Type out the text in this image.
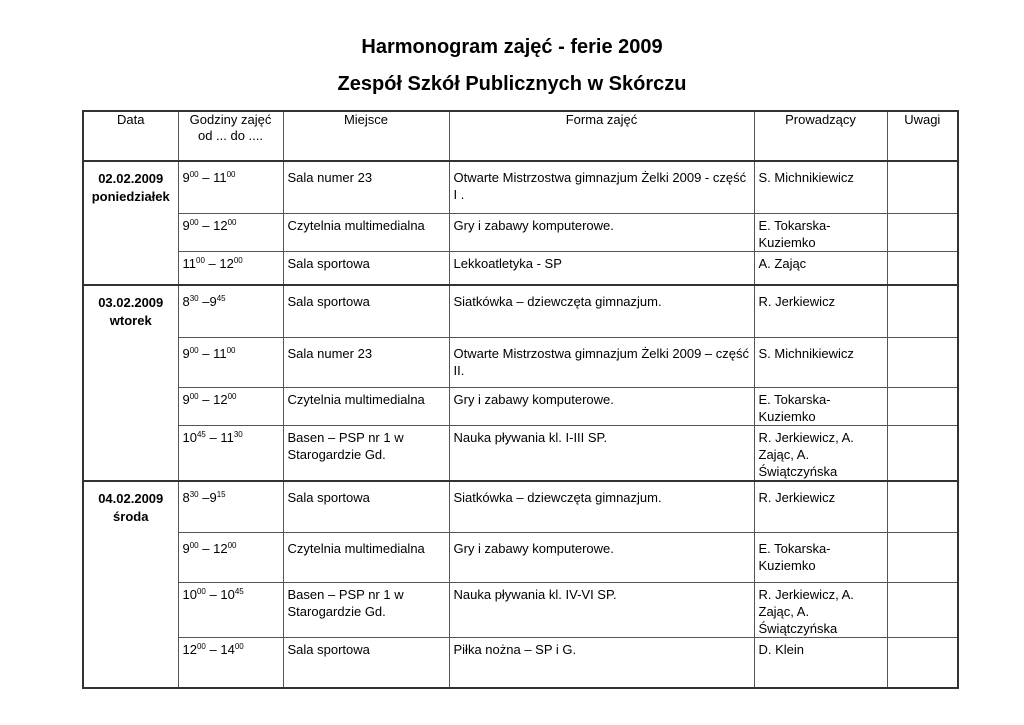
Harmonogram zajęć - ferie 2009
Zespół Szkół Publicznych w Skórczu
Data	Godziny zajęć
od ... do ....	Miejsce	Forma zajęć	Prowadzący	Uwagi

02.02.2009
poniedziałek	$9^{00} - 11^{00}$	Sala numer 23	Otwarte Mistrzostwa gimnazjum Żelki 2009 - część I .	S. Michnikiewicz	

	$9^{00} - 12^{00}$	Czytelnia multimedialna	Gry i zabawy komputerowe.	E. Tokarska-Kuziemko	

	$11^{00} - 12^{00}$	Sala sportowa	Lekkoatletyka - SP	A. Zając	

03.02.2009
wtorek	$8^{30}$ $-9^{45}$	Sala sportowa	Siatkówka – dziewczęta gimnazjum.	R. Jerkiewicz	

	$9^{00} - 11^{00}$	Sala numer 23	Otwarte Mistrzostwa gimnazjum Żelki 2009 – część II.	S. Michnikiewicz	

	$9^{00} - 12^{00}$	Czytelnia multimedialna	Gry i zabawy komputerowe.	E. Tokarska-Kuziemko	

	$10^{45} - 11^{30}$	Basen – PSP nr 1 w Starogardzie Gd.	Nauka pływania kl. I-III SP.	R. Jerkiewicz, A. Zając, A. Świątczyńska	

04.02.2009
środa	$8^{30}$ $-9^{15}$	Sala sportowa	Siatkówka – dziewczęta gimnazjum.	R. Jerkiewicz	

	$9^{00} - 12^{00}$	Czytelnia multimedialna	Gry i zabawy komputerowe.	E. Tokarska-Kuziemko	

	$10^{00} - 10^{45}$	Basen – PSP nr 1 w Starogardzie Gd.	Nauka pływania kl. IV-VI SP.	R. Jerkiewicz, A. Zając, A. Świątczyńska	

	$12^{00} - 14^{00}$	Sala sportowa	Piłka nożna – SP i G.	D. Klein	
